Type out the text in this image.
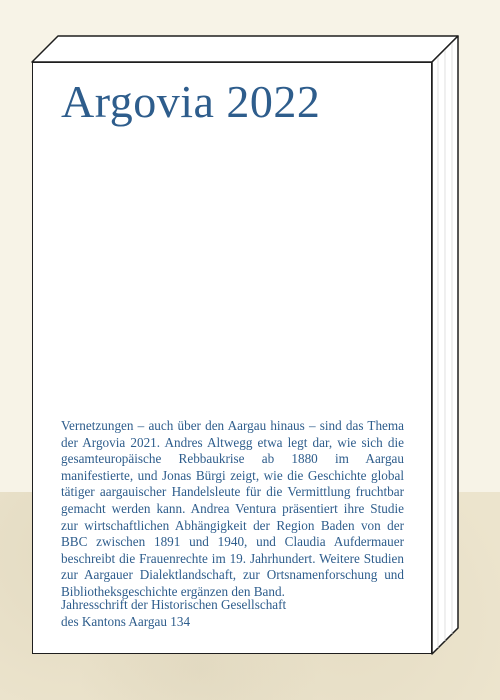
Argovia 2022

Vernetzungen – auch über den Aargau hinaus – sind das Thema der Argovia 2021. Andres Altwegg etwa legt dar, wie sich die gesamteuropäische Rebbaukrise ab 1880 im Aargau manifestierte, und Jonas Bürgi zeigt, wie die Geschichte global tätiger aargauischer Handelsleute für die Vermittlung fruchtbar gemacht werden kann. Andrea Ventura präsentiert ihre Studie zur wirtschaftlichen Abhängigkeit der Region Baden von der BBC zwischen 1891 und 1940, und Claudia Aufdermauer beschreibt die Frauenrechte im 19. Jahrhundert. Weitere Studien zur Aargauer Dialektlandschaft, zur Ortsnamenforschung und Bibliotheksgeschichte ergänzen den Band.

Jahresschrift der Historischen Gesellschaft
des Kantons Aargau 134
